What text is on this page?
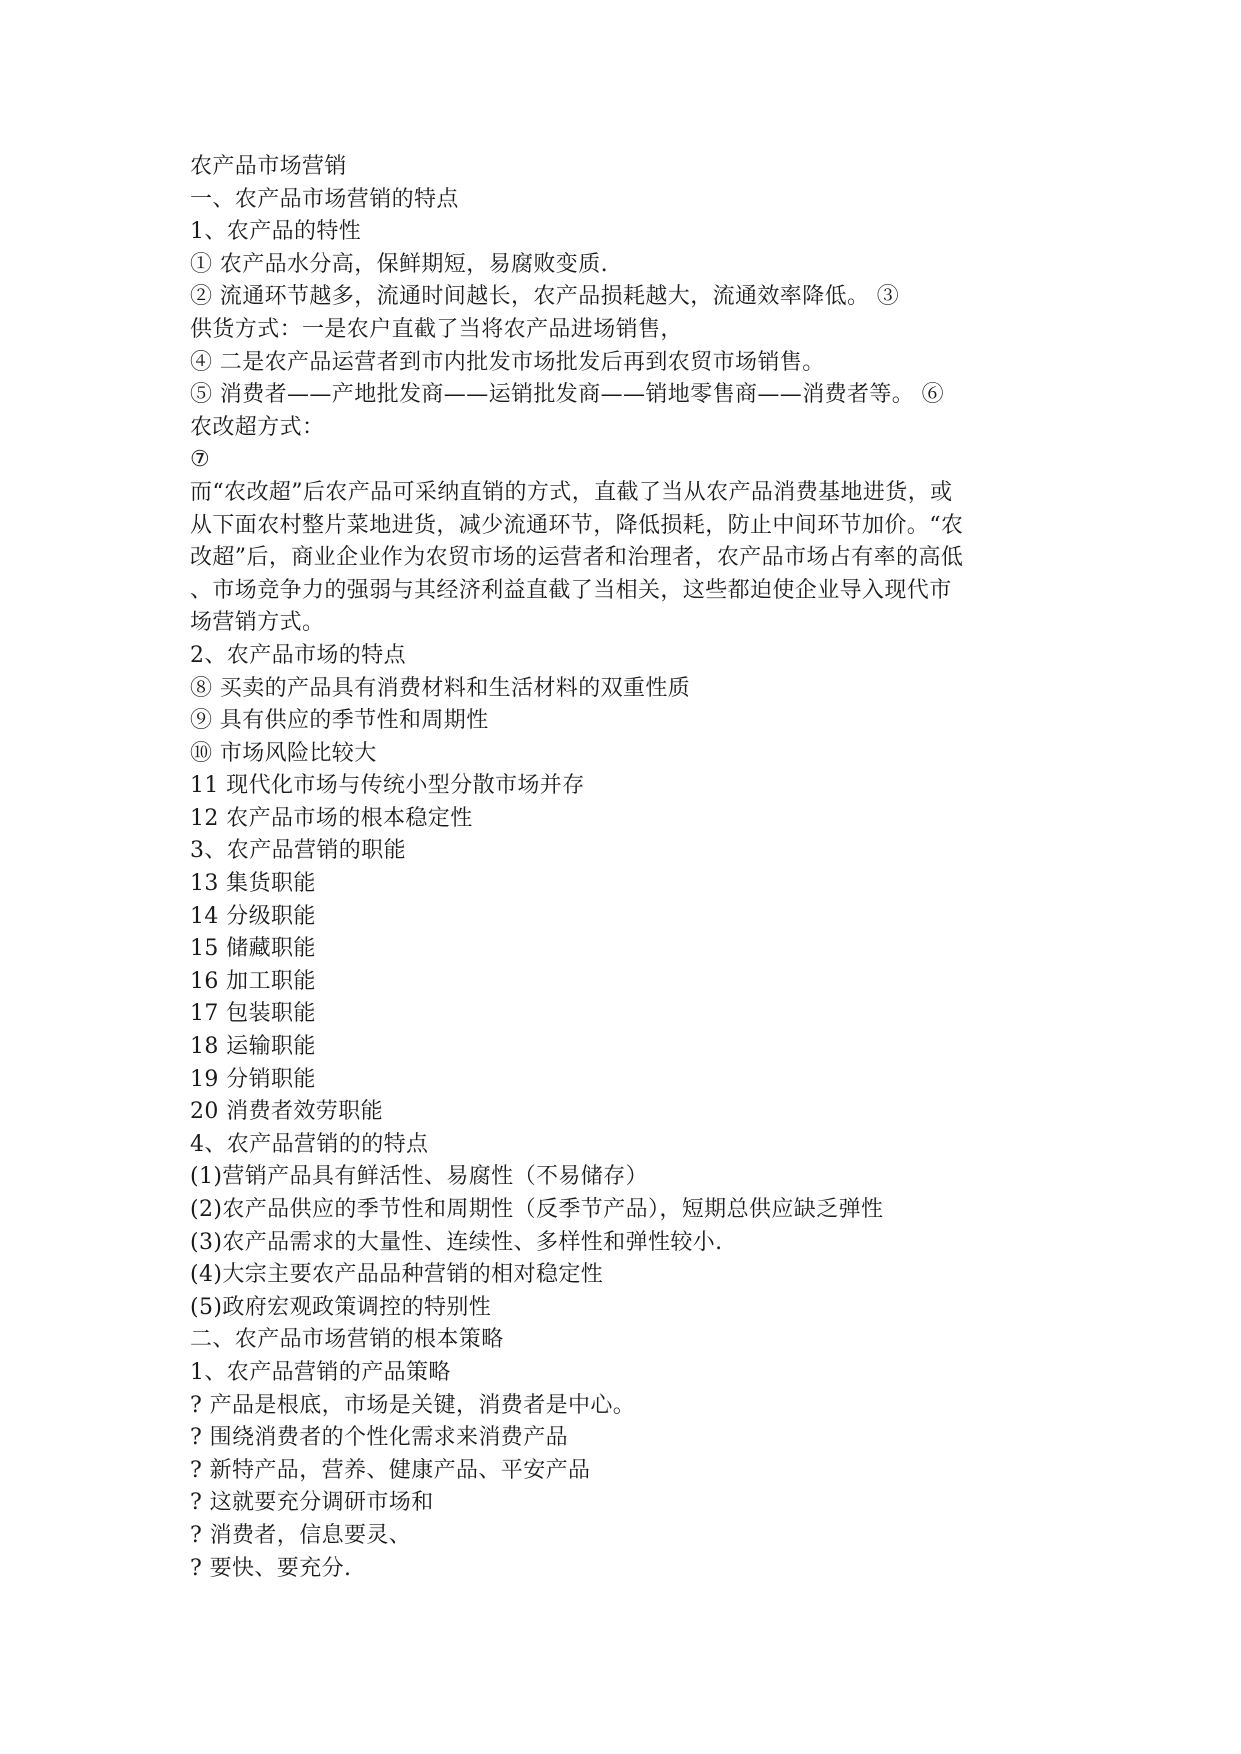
农产品市场营销
一、农产品市场营销的特点
1、农产品的特性
① 农产品水分高，保鲜期短，易腐败变质.
② 流通环节越多，流通时间越长，农产品损耗越大，流通效率降低。 ③
供货方式：一是农户直截了当将农产品进场销售，
④ 二是农产品运营者到市内批发市场批发后再到农贸市场销售。
⑤ 消费者——产地批发商——运销批发商——销地零售商——消费者等。 ⑥
农改超方式：
⑦
而“农改超”后农产品可采纳直销的方式，直截了当从农产品消费基地进货，或
从下面农村整片菜地进货，减少流通环节，降低损耗，防止中间环节加价。“农
改超”后，商业企业作为农贸市场的运营者和治理者，农产品市场占有率的高低
、市场竞争力的强弱与其经济利益直截了当相关，这些都迫使企业导入现代市
场营销方式。
2、农产品市场的特点
⑧ 买卖的产品具有消费材料和生活材料的双重性质
⑨ 具有供应的季节性和周期性
⑩ 市场风险比较大
11 现代化市场与传统小型分散市场并存
12 农产品市场的根本稳定性
3、农产品营销的职能
13 集货职能
14 分级职能
15 储藏职能
16 加工职能
17 包装职能
18 运输职能
19 分销职能
20 消费者效劳职能
4、农产品营销的的特点
(1)营销产品具有鲜活性、易腐性（不易储存）
(2)农产品供应的季节性和周期性（反季节产品），短期总供应缺乏弹性
(3)农产品需求的大量性、连续性、多样性和弹性较小.
(4)大宗主要农产品品种营销的相对稳定性
(5)政府宏观政策调控的特别性
二、农产品市场营销的根本策略
1、农产品营销的产品策略
? 产品是根底，市场是关键，消费者是中心。
? 围绕消费者的个性化需求来消费产品
? 新特产品，营养、健康产品、平安产品
? 这就要充分调研市场和
? 消费者，信息要灵、
? 要快、要充分.
